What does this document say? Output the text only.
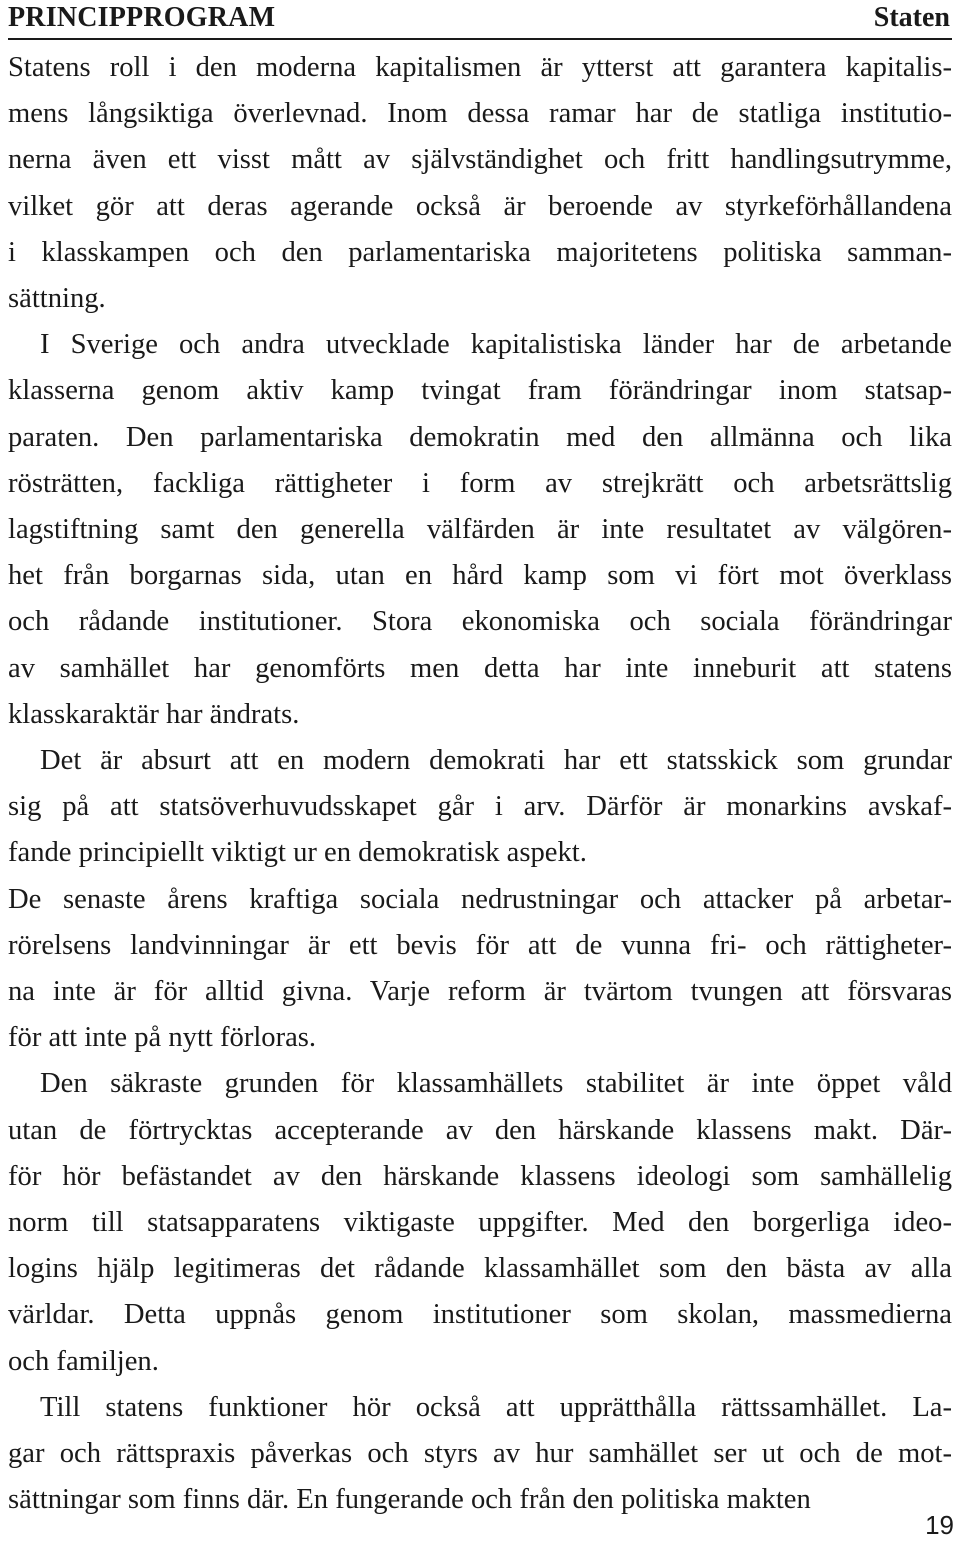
PRINCIPPROGRAM	Staten

Statens roll i den moderna kapitalismen är ytterst att garantera kapitalis-
mens långsiktiga överlevnad. Inom dessa ramar har de statliga institutio-
nerna även ett visst mått av självständighet och fritt handlingsutrymme,
vilket gör att deras agerande också är beroende av styrkeförhållandena
i klasskampen och den parlamentariska majoritetens politiska samman-
sättning.

I Sverige och andra utvecklade kapitalistiska länder har de arbetande
klasserna genom aktiv kamp tvingat fram förändringar inom statsap-
paraten. Den parlamentariska demokratin med den allmänna och lika
rösträtten, fackliga rättigheter i form av strejkrätt och arbetsrättslig
lagstiftning samt den generella välfärden är inte resultatet av välgören-
het från borgarnas sida, utan en hård kamp som vi fört mot överklass
och rådande institutioner. Stora ekonomiska och sociala förändringar
av samhället har genomförts men detta har inte inneburit att statens
klasskaraktär har ändrats.

Det är absurt att en modern demokrati har ett statsskick som grundar
sig på att statsöverhuvudsskapet går i arv. Därför är monarkins avskaf-
fande principiellt viktigt ur en demokratisk aspekt.

De senaste årens kraftiga sociala nedrustningar och attacker på arbetar-
rörelsens landvinningar är ett bevis för att de vunna fri- och rättigheter-
na inte är för alltid givna. Varje reform är tvärtom tvungen att försvaras
för att inte på nytt förloras.

Den säkraste grunden för klassamhällets stabilitet är inte öppet våld
utan de förtrycktas accepterande av den härskande klassens makt. Där-
för hör befästandet av den härskande klassens ideologi som samhällelig
norm till statsapparatens viktigaste uppgifter. Med den borgerliga ideo-
logins hjälp legitimeras det rådande klassamhället som den bästa av alla
världar. Detta uppnås genom institutioner som skolan, massmedierna
och familjen.

Till statens funktioner hör också att upprätthålla rättssamhället. La-
gar och rättspraxis påverkas och styrs av hur samhället ser ut och de mot-
sättningar som finns där. En fungerande och från den politiska makten

19
